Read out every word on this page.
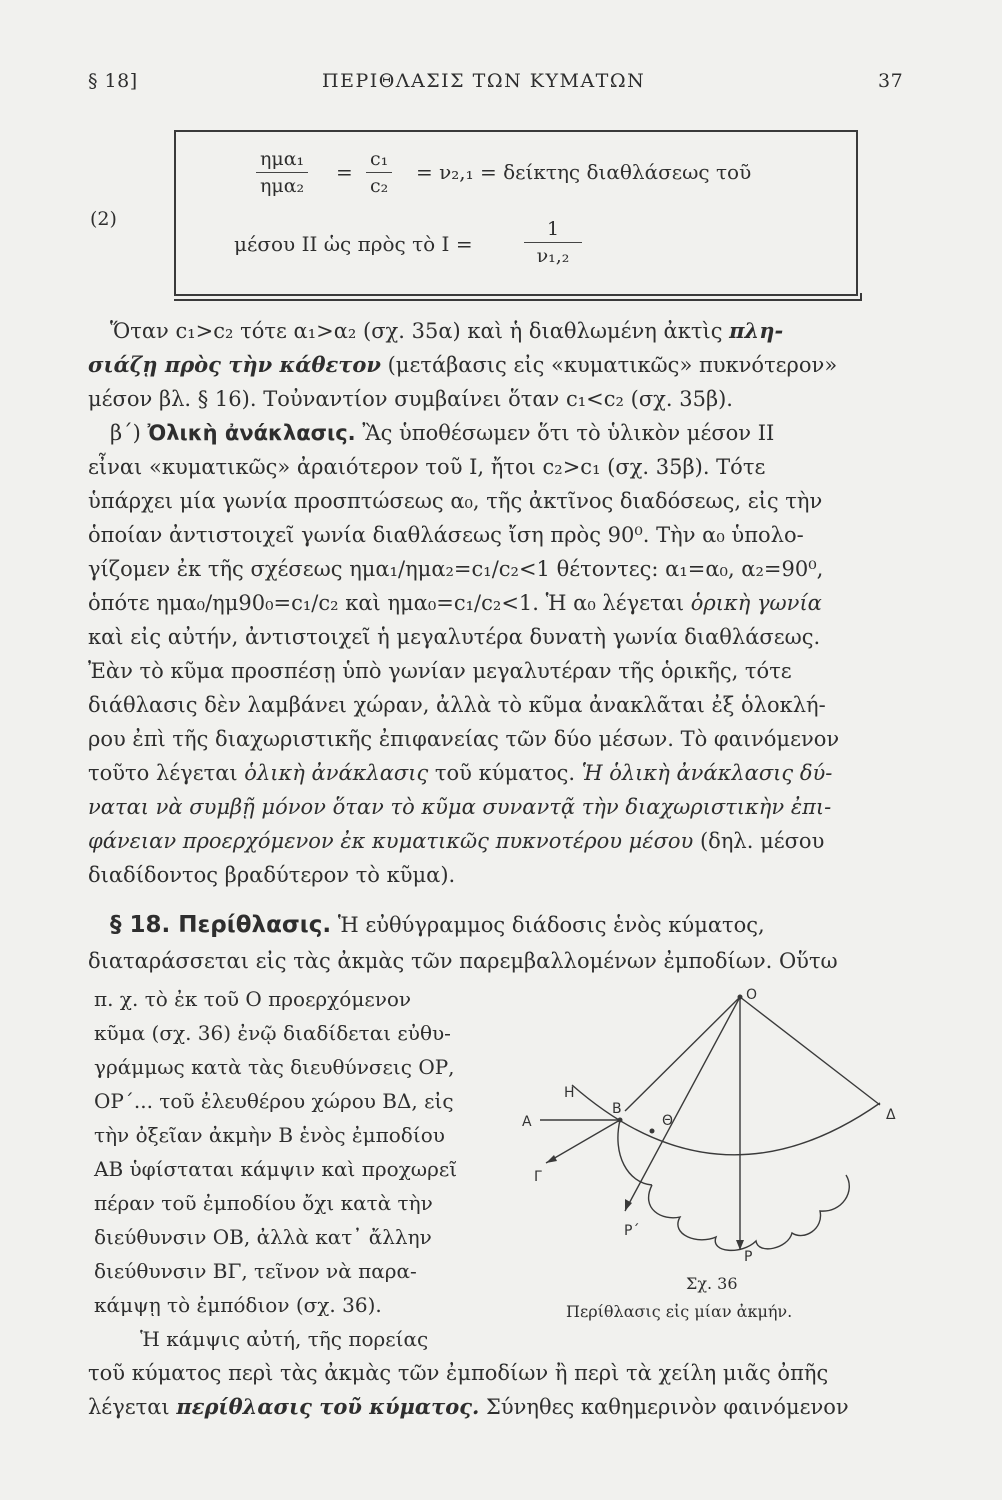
§ 18]	ΠΕΡΙΘΛΑΣΙΣ ΤΩΝ ΚΥΜΑΤΩΝ	37
(2)
ημα₁
ημα₂
= $\frac{\text{c₁}}{\text{c₂}} = \nu_2,_1 = \delta\varepsilon ί\kappa\tau\eta\varsigma$ διαθλάσεως τοῦ
μέσου ΙΙ ὡς πρὸς τὸ Ι =	$\frac{1}{\text{ν₁,₂}}$
Ὅταν c₁>c₂ τότε α₁>α₂ (σχ. 35α) καὶ ἡ διαθλωμένη ἀκτὶς πλη-
σιάζῃ πρὸς τὴν κάθετον (μετάβασις εἰς «κυματικῶς» πυκνότερον»
μέσον βλ. § 16). Τοὐναντίον συμβαίνει ὅταν c₁<c₂ (σχ. 35β).
β΄) Ὀλικὴ ἀνάκλασις. Ἂς ὑποθέσωμεν ὅτι τὸ ὑλικὸν μέσον ΙΙ
εἶναι «κυματικῶς» ἀραιότερον τοῦ Ι, ἤτοι c₂>c₁ (σχ. 35β). Τότε
ὑπάρχει μία γωνία προσπτώσεως α₀, τῆς ἀκτῖνος διαδόσεως, εἰς τὴν
ὁποίαν ἀντιστοιχεῖ γωνία διαθλάσεως ἴση πρὸς 90⁰. Τὴν α₀ ὑπολο-
γίζομεν ἐκ τῆς σχέσεως ημα₁/ημα₂=c₁/c₂<1 θέτοντες: α₁=α₀, α₂=90⁰,
ὁπότε ημα₀/ημ90₀=c₁/c₂ καὶ ημα₀=c₁/c₂<1. Ἡ α₀ λέγεται ὁρικὴ γωνία
καὶ εἰς αὐτήν, ἀντιστοιχεῖ ἡ μεγαλυτέρα δυνατὴ γωνία διαθλάσεως.
Ἐὰν τὸ κῦμα προσπέσῃ ὑπὸ γωνίαν μεγαλυτέραν τῆς ὁρικῆς, τότε
διάθλασις δὲν λαμβάνει χώραν, ἀλλὰ τὸ κῦμα ἀνακλᾶται ἐξ ὁλοκλή-
ρου ἐπὶ τῆς διαχωριστικῆς ἐπιφανείας τῶν δύο μέσων. Τὸ φαινόμενον
τοῦτο λέγεται ὁλικὴ ἀνάκλασις τοῦ κύματος. Ἡ ὁλικὴ ἀνάκλασις δύ-
ναται νὰ συμβῇ μόνον ὅταν τὸ κῦμα συναντᾷ τὴν διαχωριστικὴν ἐπι-
φάνειαν προερχόμενον ἐκ κυματικῶς πυκνοτέρου μέσου (δηλ. μέσου
διαδίδοντος βραδύτερον τὸ κῦμα).
§ 18. Περίθλασις. Ἡ εὐθύγραμμος διάδοσις ἑνὸς κύματος,
διαταράσσεται εἰς τὰς ἀκμὰς τῶν παρεμβαλλομένων ἐμποδίων. Οὕτω
π. χ. τὸ ἐκ τοῦ Ο προερχόμενον
κῦμα (σχ. 36) ἐνῷ διαδίδεται εὐθυ-
γράμμως κατὰ τὰς διευθύνσεις ΟΡ,
ΟΡ΄... τοῦ ἐλευθέρου χώρου ΒΔ, εἰς
τὴν ὀξεῖαν ἀκμὴν Β ἑνὸς ἐμποδίου
ΑΒ ὑφίσταται κάμψιν καὶ προχωρεῖ
πέραν τοῦ ἐμποδίου ὄχι κατὰ τὴν
διεύθυνσιν ΟΒ, ἀλλὰ κατ᾽ ἄλλην
διεύθυνσιν ΒΓ, τεῖνον νὰ παρα-
κάμψῃ τὸ ἐμπόδιον (σχ. 36).
Ἡ κάμψις αὐτή, τῆς πορείας
O
H
Δ
A
B
Θ
Γ
P΄
P
Σχ. 36
Περίθλασις εἰς μίαν ἀκμήν.
τοῦ κύματος περὶ τὰς ἀκμὰς τῶν ἐμποδίων ἢ περὶ τὰ χείλη μιᾶς ὀπῆς
λέγεται περίθλασις τοῦ κύματος. Σύνηθες καθημερινὸν φαινόμενον
